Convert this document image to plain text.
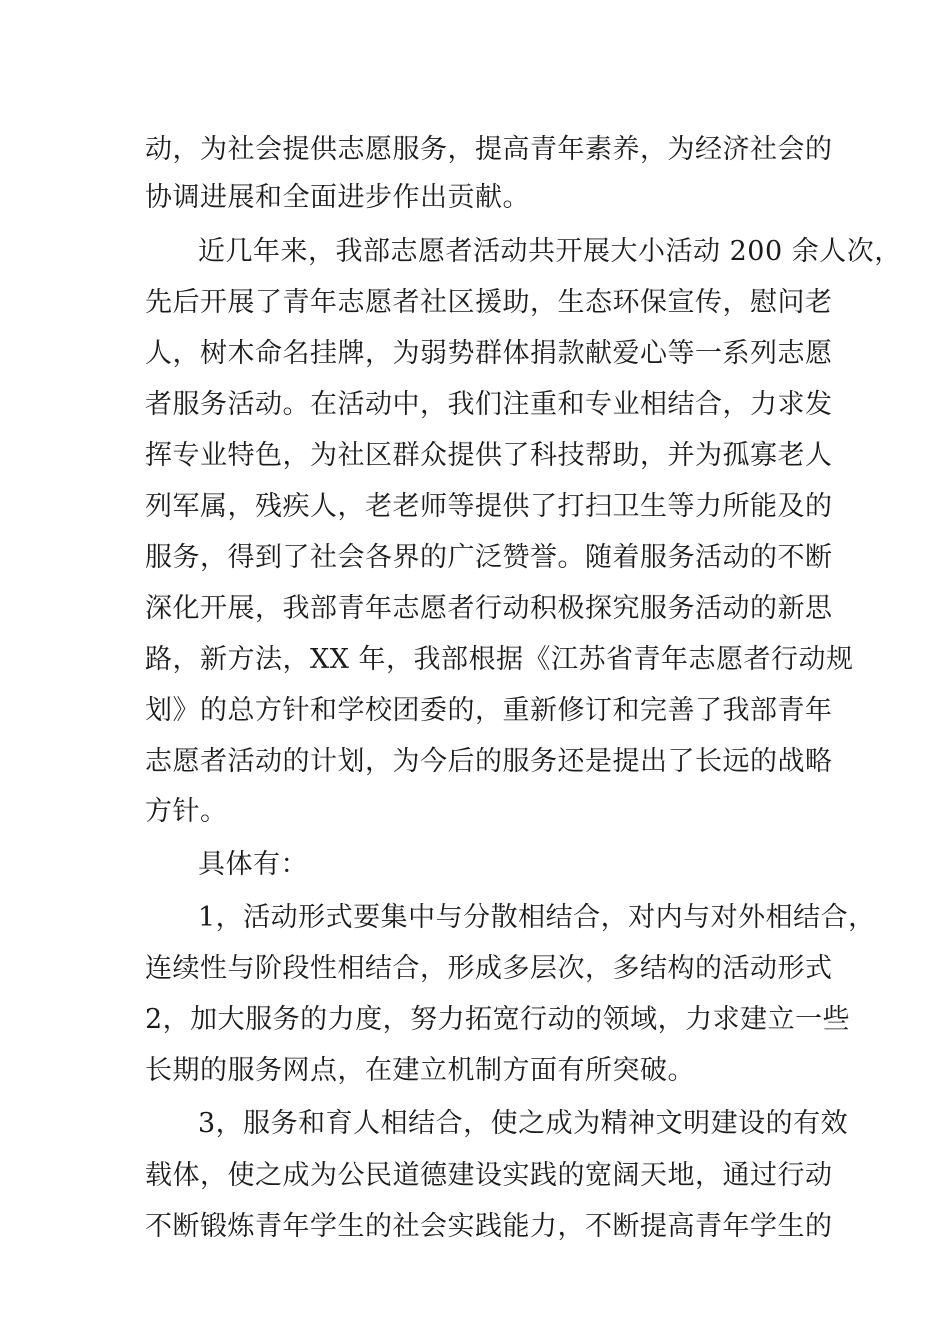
动，为社会提供志愿服务，提高青年素养，为经济社会的
协调进展和全面进步作出贡献。
近几年来，我部志愿者活动共开展大小活动 200 余人次，
先后开展了青年志愿者社区援助，生态环保宣传，慰问老
人，树木命名挂牌，为弱势群体捐款献爱心等一系列志愿
者服务活动。在活动中，我们注重和专业相结合，力求发
挥专业特色，为社区群众提供了科技帮助，并为孤寡老人
列军属，残疾人，老老师等提供了打扫卫生等力所能及的
服务，得到了社会各界的广泛赞誉。随着服务活动的不断
深化开展，我部青年志愿者行动积极探究服务活动的新思
路，新方法，XX 年，我部根据《江苏省青年志愿者行动规
划》的总方针和学校团委的，重新修订和完善了我部青年
志愿者活动的计划，为今后的服务还是提出了长远的战略
方针。
具体有：
1，活动形式要集中与分散相结合，对内与对外相结合，
连续性与阶段性相结合，形成多层次，多结构的活动形式
2，加大服务的力度，努力拓宽行动的领域，力求建立一些
长期的服务网点，在建立机制方面有所突破。
3，服务和育人相结合，使之成为精神文明建设的有效
载体，使之成为公民道德建设实践的宽阔天地，通过行动
不断锻炼青年学生的社会实践能力，不断提高青年学生的
